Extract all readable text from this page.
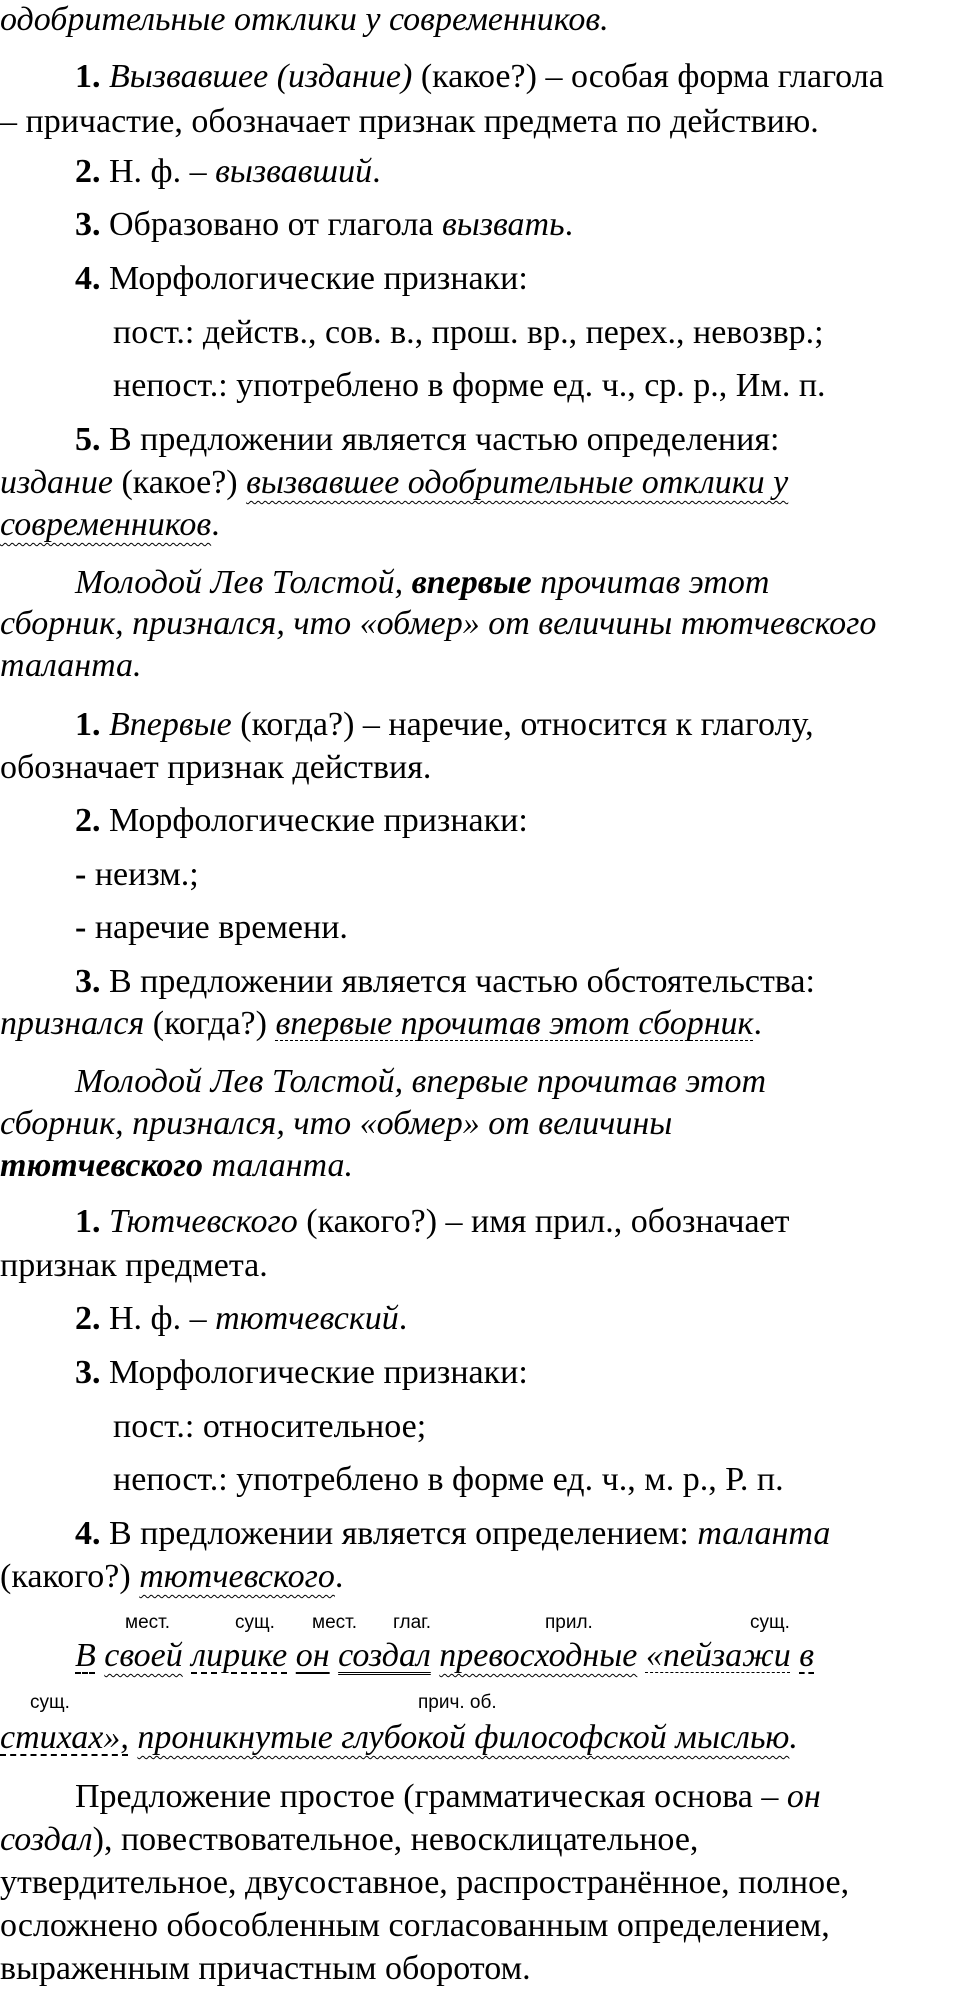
одобрительные отклики у современников.
1. Вызвавшее (издание) (какое?) – особая форма глагола
– причастие, обозначает признак предмета по действию.
2. Н. ф. – вызвавший.
3. Образовано от глагола вызвать.
4. Морфологические признаки:
пост.: действ., сов. в., прош. вр., перех., невозвр.;
непост.: употреблено в форме ед. ч., ср. р., Им. п.
5. В предложении является частью определения:
издание (какое?) вызвавшее одобрительные отклики у
современников.
Молодой Лев Толстой, впервые прочитав этот
сборник, признался, что «обмер» от величины тютчевского
таланта.
1. Впервые (когда?) – наречие, относится к глаголу,
обозначает признак действия.
2. Морфологические признаки:
- неизм.;
- наречие времени.
3. В предложении является частью обстоятельства:
признался (когда?) впервые прочитав этот сборник.
Молодой Лев Толстой, впервые прочитав этот
сборник, признался, что «обмер» от величины
тютчевского таланта.
1. Тютчевского (какого?) – имя прил., обозначает
признак предмета.
2. Н. ф. – тютчевский.
3. Морфологические признаки:
пост.: относительное;
непост.: употреблено в форме ед. ч., м. р., Р. п.
4. В предложении является определением: таланта
(какого?) тютчевского.
мест.	сущ. мест. глаг.	прил.	сущ.
В своей лирике он создал превосходные «пейзажи в
сущ.	прич. об.
стихах», проникнутые глубокой философской мыслью.
Предложение простое (грамматическая основа – он
создал), повествовательное, невосклицательное,
утвердительное, двусоставное, распространённое, полное,
осложнено обособленным согласованным определением,
выраженным причастным оборотом.
